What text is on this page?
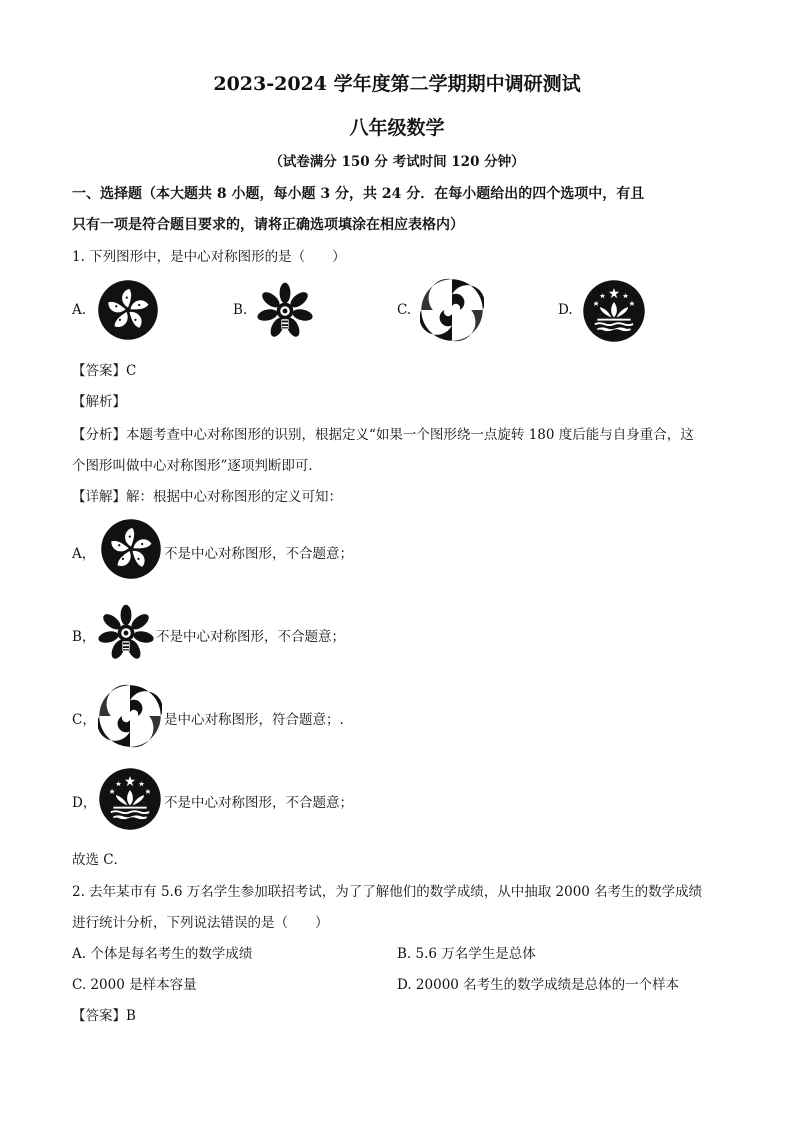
2023-2024 学年度第二学期期中调研测试
八年级数学
（试卷满分 150 分 考试时间 120 分钟）
一、选择题（本大题共 8 小题，每小题 3 分，共 24 分．在每小题给出的四个选项中，有且
只有一项是符合题目要求的，请将正确选项填涂在相应表格内）
1. 下列图形中，是中心对称图形的是（　　）
A.	B.	C.	D.
【答案】C
【解析】
【分析】本题考查中心对称图形的识别，根据定义“如果一个图形绕一点旋转 180 度后能与自身重合，这
个图形叫做中心对称图形”逐项判断即可．
【详解】解：根据中心对称图形的定义可知：
A，	不是中心对称图形，不合题意；
B，	不是中心对称图形，不合题意；
C，	是中心对称图形，符合题意；.
D，	不是中心对称图形，不合题意；
故选 C．
2. 去年某市有 5.6 万名学生参加联招考试，为了了解他们的数学成绩，从中抽取 2000 名考生的数学成绩
进行统计分析，下列说法错误的是（　　）
A. 个体是每名考生的数学成绩	B. 5.6 万名学生是总体
C. 2000 是样本容量	D. 20000 名考生的数学成绩是总体的一个样本
【答案】B
